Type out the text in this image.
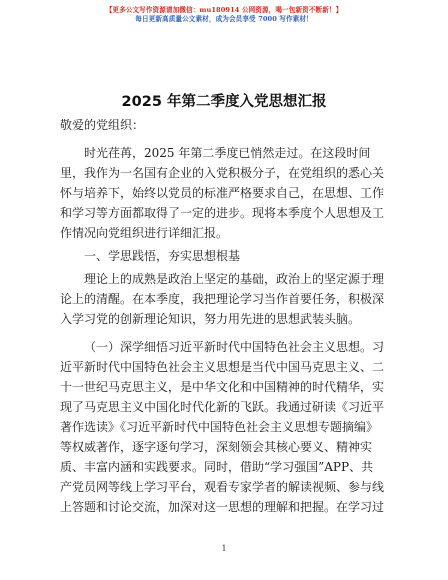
【更多公文写作资源请加微信：mu180914 公网资源，喝一包新资不断新！】
每日更新高质量公文素材，成为会员享受 7000 写作素材！
2025 年第二季度入党思想汇报
敬爱的党组织：
时光荏苒，2025 年第二季度已悄然走过。在这段时间
里，我作为一名国有企业的入党积极分子，在党组织的悉心关
怀与培养下，始终以党员的标准严格要求自己，在思想、工作
和学习等方面都取得了一定的进步。现将本季度个人思想及工
作情况向党组织进行详细汇报。
一、学思践悟，夯实思想根基
理论上的成熟是政治上坚定的基础，政治上的坚定源于理
论上的清醒。在本季度，我把理论学习当作首要任务，积极深
入学习党的创新理论知识，努力用先进的思想武装头脑。
（一）深学细悟习近平新时代中国特色社会主义思想。习
近平新时代中国特色社会主义思想是当代中国马克思主义、二
十一世纪马克思主义，是中华文化和中国精神的时代精华，实
现了马克思主义中国化时代化新的飞跃。我通过研读《习近平
著作选读》《习近平新时代中国特色社会主义思想专题摘编》
等权威著作，逐字逐句学习，深刻领会其核心要义、精神实
质、丰富内涵和实践要求。同时，借助“学习强国”APP、共
产党员网等线上学习平台，观看专家学者的解读视频、参与线
上答题和讨论交流，加深对这一思想的理解和把握。在学习过
1
